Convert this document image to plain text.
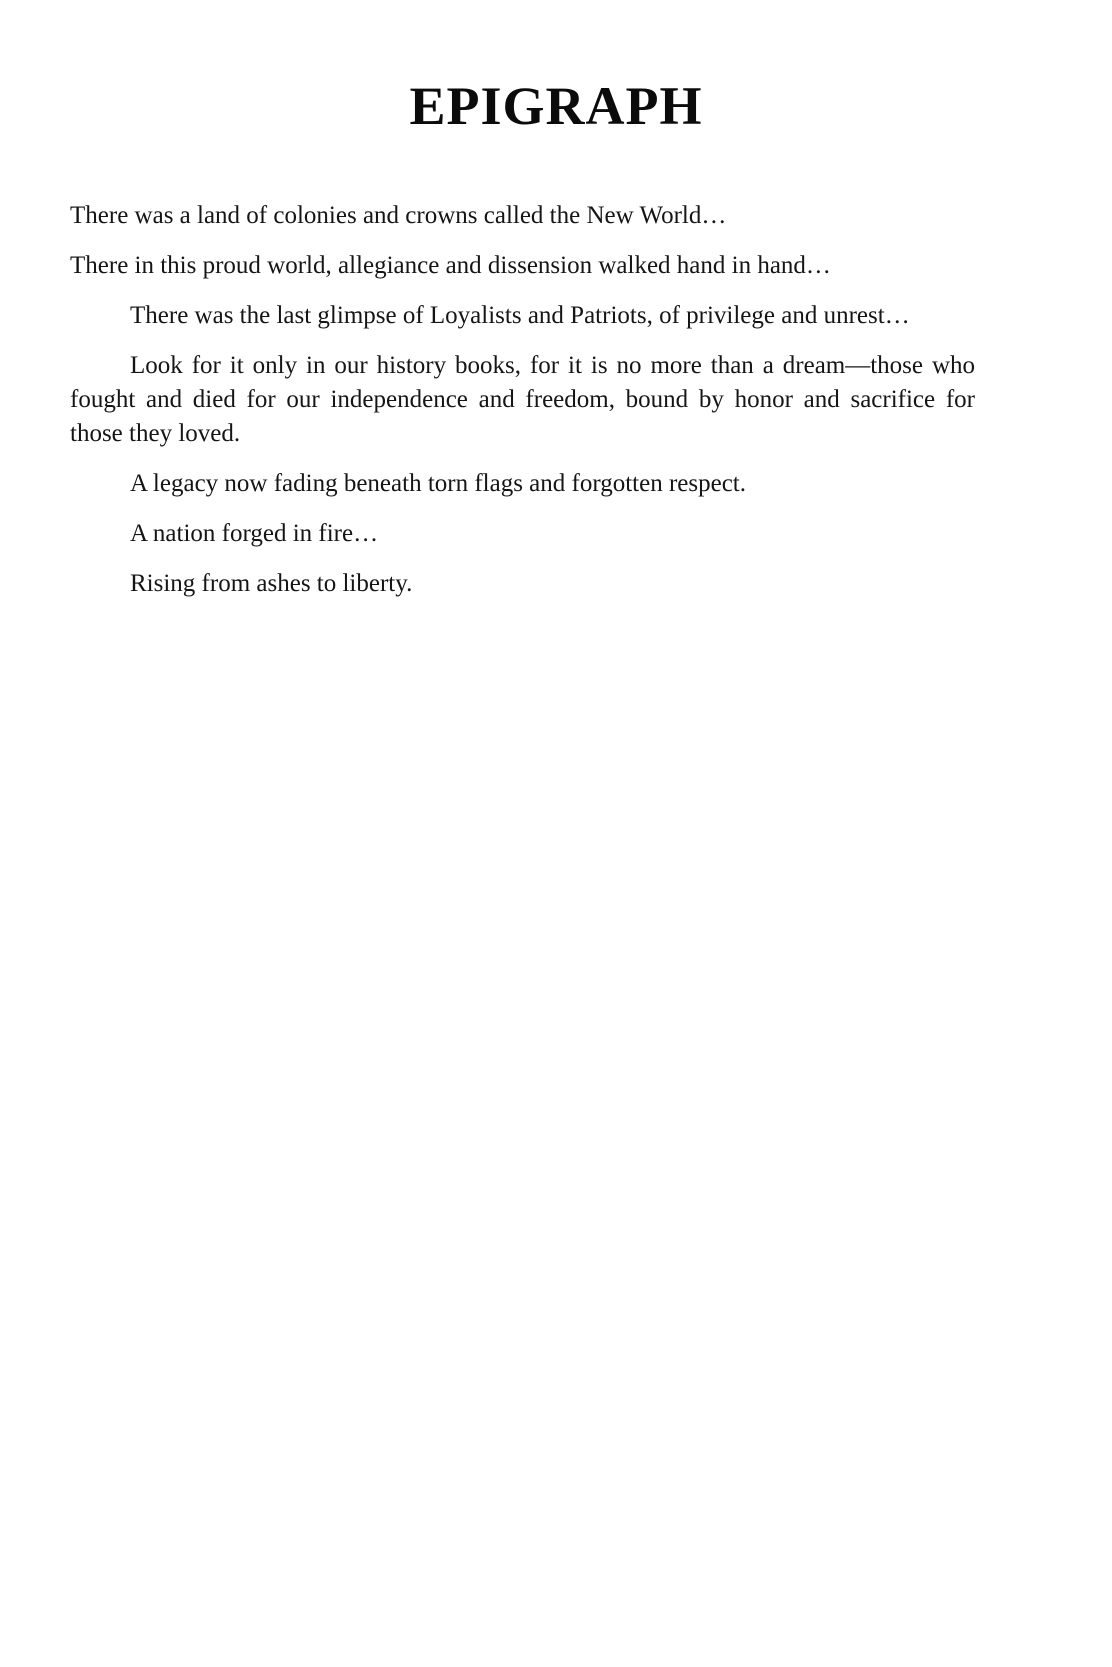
EPIGRAPH

There was a land of colonies and crowns called the New World…

There in this proud world, allegiance and dissension walked hand in hand…

There was the last glimpse of Loyalists and Patriots, of privilege and unrest…

Look for it only in our history books, for it is no more than a dream—those who fought and died for our independence and freedom, bound by honor and sacrifice for those they loved.

A legacy now fading beneath torn flags and forgotten respect.

A nation forged in fire…

Rising from ashes to liberty.
